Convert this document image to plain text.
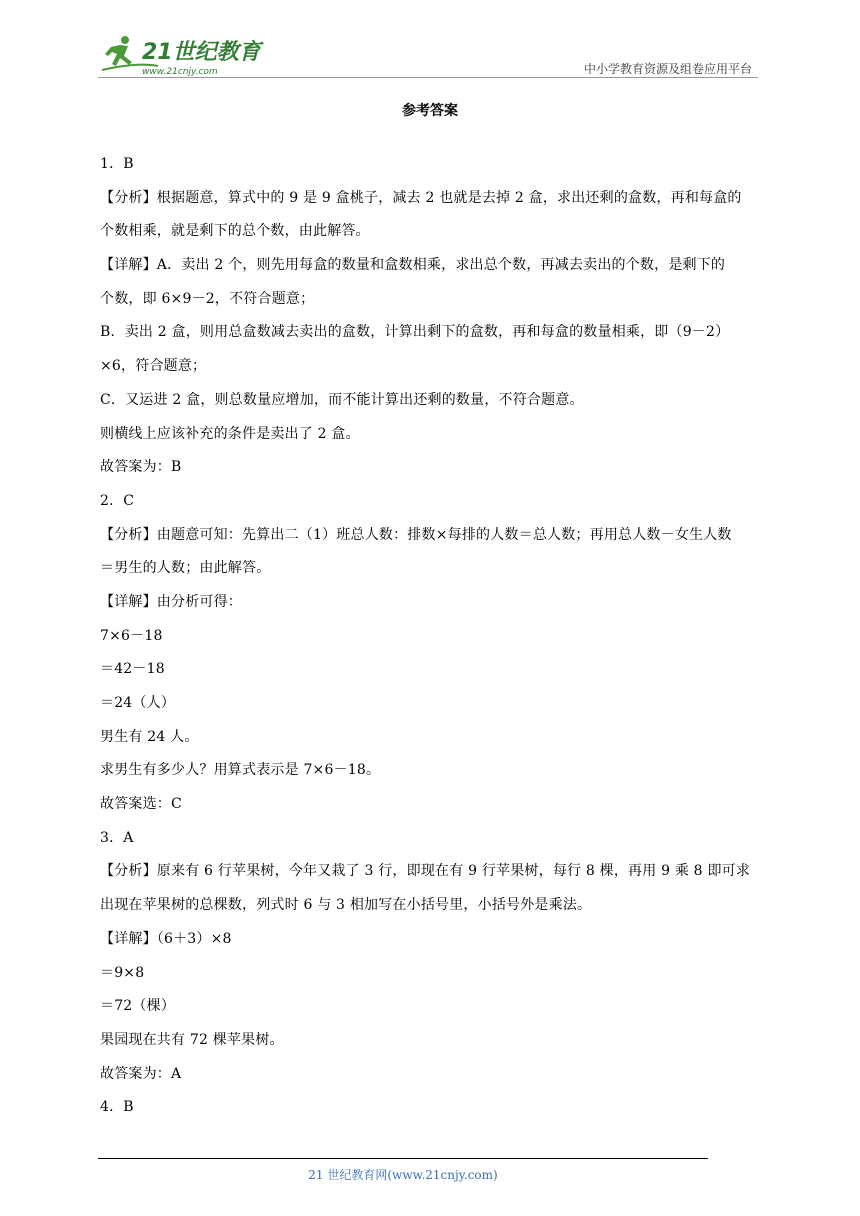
21世纪教育
www.21cnjy.com	中小学教育资源及组卷应用平台
参考答案
1．B
【分析】根据题意，算式中的 9 是 9 盒桃子，减去 2 也就是去掉 2 盒，求出还剩的盒数，再和每盒的
个数相乘，就是剩下的总个数，由此解答。
【详解】A．卖出 2 个，则先用每盒的数量和盒数相乘，求出总个数，再减去卖出的个数，是剩下的
个数，即 6×9－2，不符合题意；
B．卖出 2 盒，则用总盒数减去卖出的盒数，计算出剩下的盒数，再和每盒的数量相乘，即（9－2）
×6，符合题意；
C．又运进 2 盒，则总数量应增加，而不能计算出还剩的数量，不符合题意。
则横线上应该补充的条件是卖出了 2 盒。
故答案为：B
2．C
【分析】由题意可知：先算出二（1）班总人数：排数×每排的人数＝总人数；再用总人数－女生人数
＝男生的人数；由此解答。
【详解】由分析可得：
7×6－18
＝42－18
＝24（人）
男生有 24 人。
求男生有多少人？用算式表示是 7×6－18。
故答案选：C
3．A
【分析】原来有 6 行苹果树，今年又栽了 3 行，即现在有 9 行苹果树，每行 8 棵，再用 9 乘 8 即可求
出现在苹果树的总棵数，列式时 6 与 3 相加写在小括号里，小括号外是乘法。
【详解】（6＋3）×8
＝9×8
＝72（棵）
果园现在共有 72 棵苹果树。
故答案为：A
4．B
21 世纪教育网(www.21cnjy.com)
